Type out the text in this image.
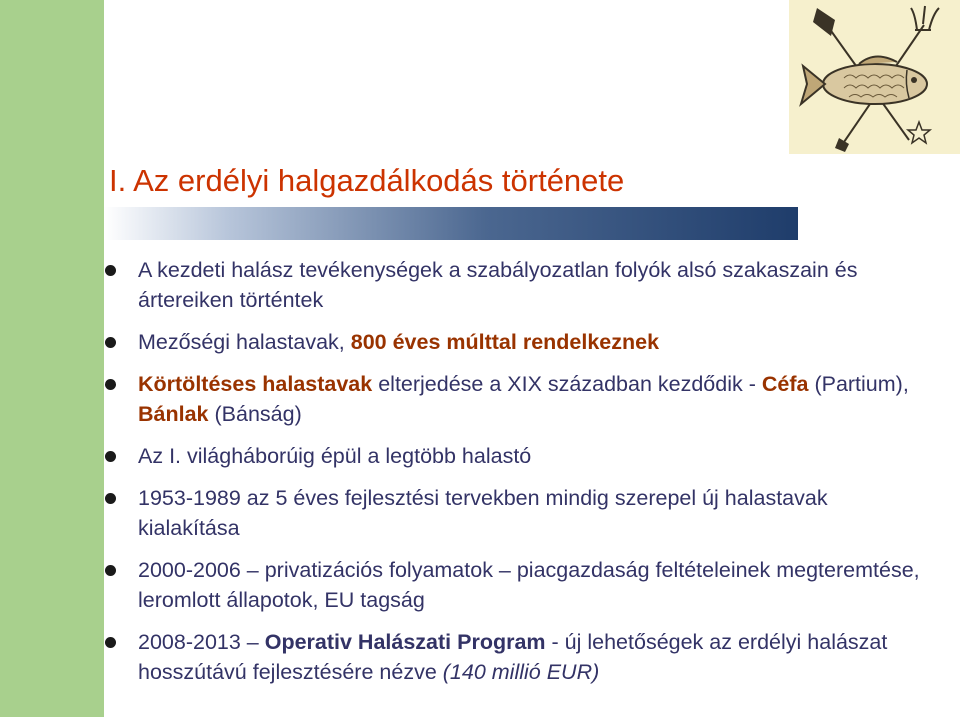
I. Az erdélyi halgazdálkodás története
A kezdeti halász tevékenységek a szabályozatlan folyók alsó szakaszain és ártereiken történtek
Mezőségi halastavak, 800 éves múlttal rendelkeznek
Körtöltéses halastavak elterjedése a XIX században kezdődik - Céfa (Partium), Bánlak (Bánság)
Az I. világháborúig épül a legtöbb halastó
1953-1989 az 5 éves fejlesztési tervekben mindig szerepel új halastavak kialakítása
2000-2006 – privatizációs folyamatok – piacgazdaság feltételeinek megteremtése, leromlott állapotok, EU tagság
2008-2013 – Operativ Halászati Program - új lehetőségek az erdélyi halászat hosszútávú fejlesztésére nézve (140 millió EUR)
